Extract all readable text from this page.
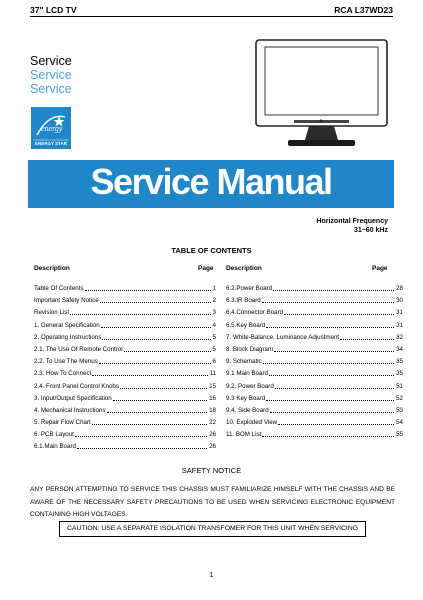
37" LCD TV	RCA L37WD23
Service
Service
Service
energy
ENERGY STAR
Service Manual
Horizontal Frequency
31~60 kHz
TABLE OF CONTENTS
Description	Page Description	Page
Table Of Contents	1
Important Safety Notice	2
Revision List	3
1. General Specification	4
2. Operating Instructions	5
2.1. The Use Of Remote Control	5
2.2. To Use The Menus	6
2.3. How To Connect	11
2.4. Front Panel Control Knobs	15
3. Input/Output Specification	16
4. Mechanical Instructions	18
5. Repair Flow Chart	22
6. PCB Layout	26
6.1.Main Board	26
6.2.Power Board	28
6.3.IR Board	30
6.4.Connector Board	31
6.5.Key Board	31
7. White-Balance, Luminance Adjustment	32
8. Block Diagram	34
9. Schematic	35
9.1 Main Board	35
9.2. Power Board	51
9.3 Key Board	52
9.4. Side Board	53
10. Exploded View	54
11. BOM List	55
SAFETY NOTICE
ANY PERSON ATTEMPTING TO SERVICE THIS CHASSIS MUST FAMILIARIZE HIMSELF WITH THE CHASSIS AND BE AWARE OF THE NECESSARY SAFETY PRECAUTIONS TO BE USED WHEN SERVICING ELECTRONIC EQUIPMENT CONTAINING HIGH VOLTAGES.
CAUTION: USE A SEPARATE ISOLATION TRANSFOMER FOR THIS UNIT WHEN SERVICING
1
